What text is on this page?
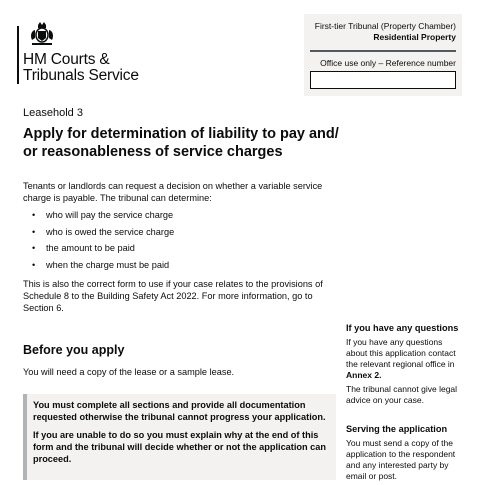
HM Courts &
Tribunals Service
First-tier Tribunal (Property Chamber)
Residential Property
Office use only – Reference number
Leasehold 3
Apply for determination of liability to pay and/ or reasonableness of service charges

Tenants or landlords can request a decision on whether a variable service charge is payable. The tribunal can determine:

• who will pay the service charge
• who is owed the service charge
• the amount to be paid
• when the charge must be paid

This is also the correct form to use if your case relates to the provisions of Schedule 8 to the Building Safety Act 2022. For more information, go to Section 6.

Before you apply

You will need a copy of the lease or a sample lease.

You must complete all sections and provide all documentation requested otherwise the tribunal cannot progress your application.

If you are unable to do so you must explain why at the end of this form and the tribunal will decide whether or not the application can proceed.

If you have any questions

If you have any questions about this application contact the relevant regional office in Annex 2.

The tribunal cannot give legal advice on your case.

Serving the application

You must send a copy of the application to the respondent and any interested party by email or post.
